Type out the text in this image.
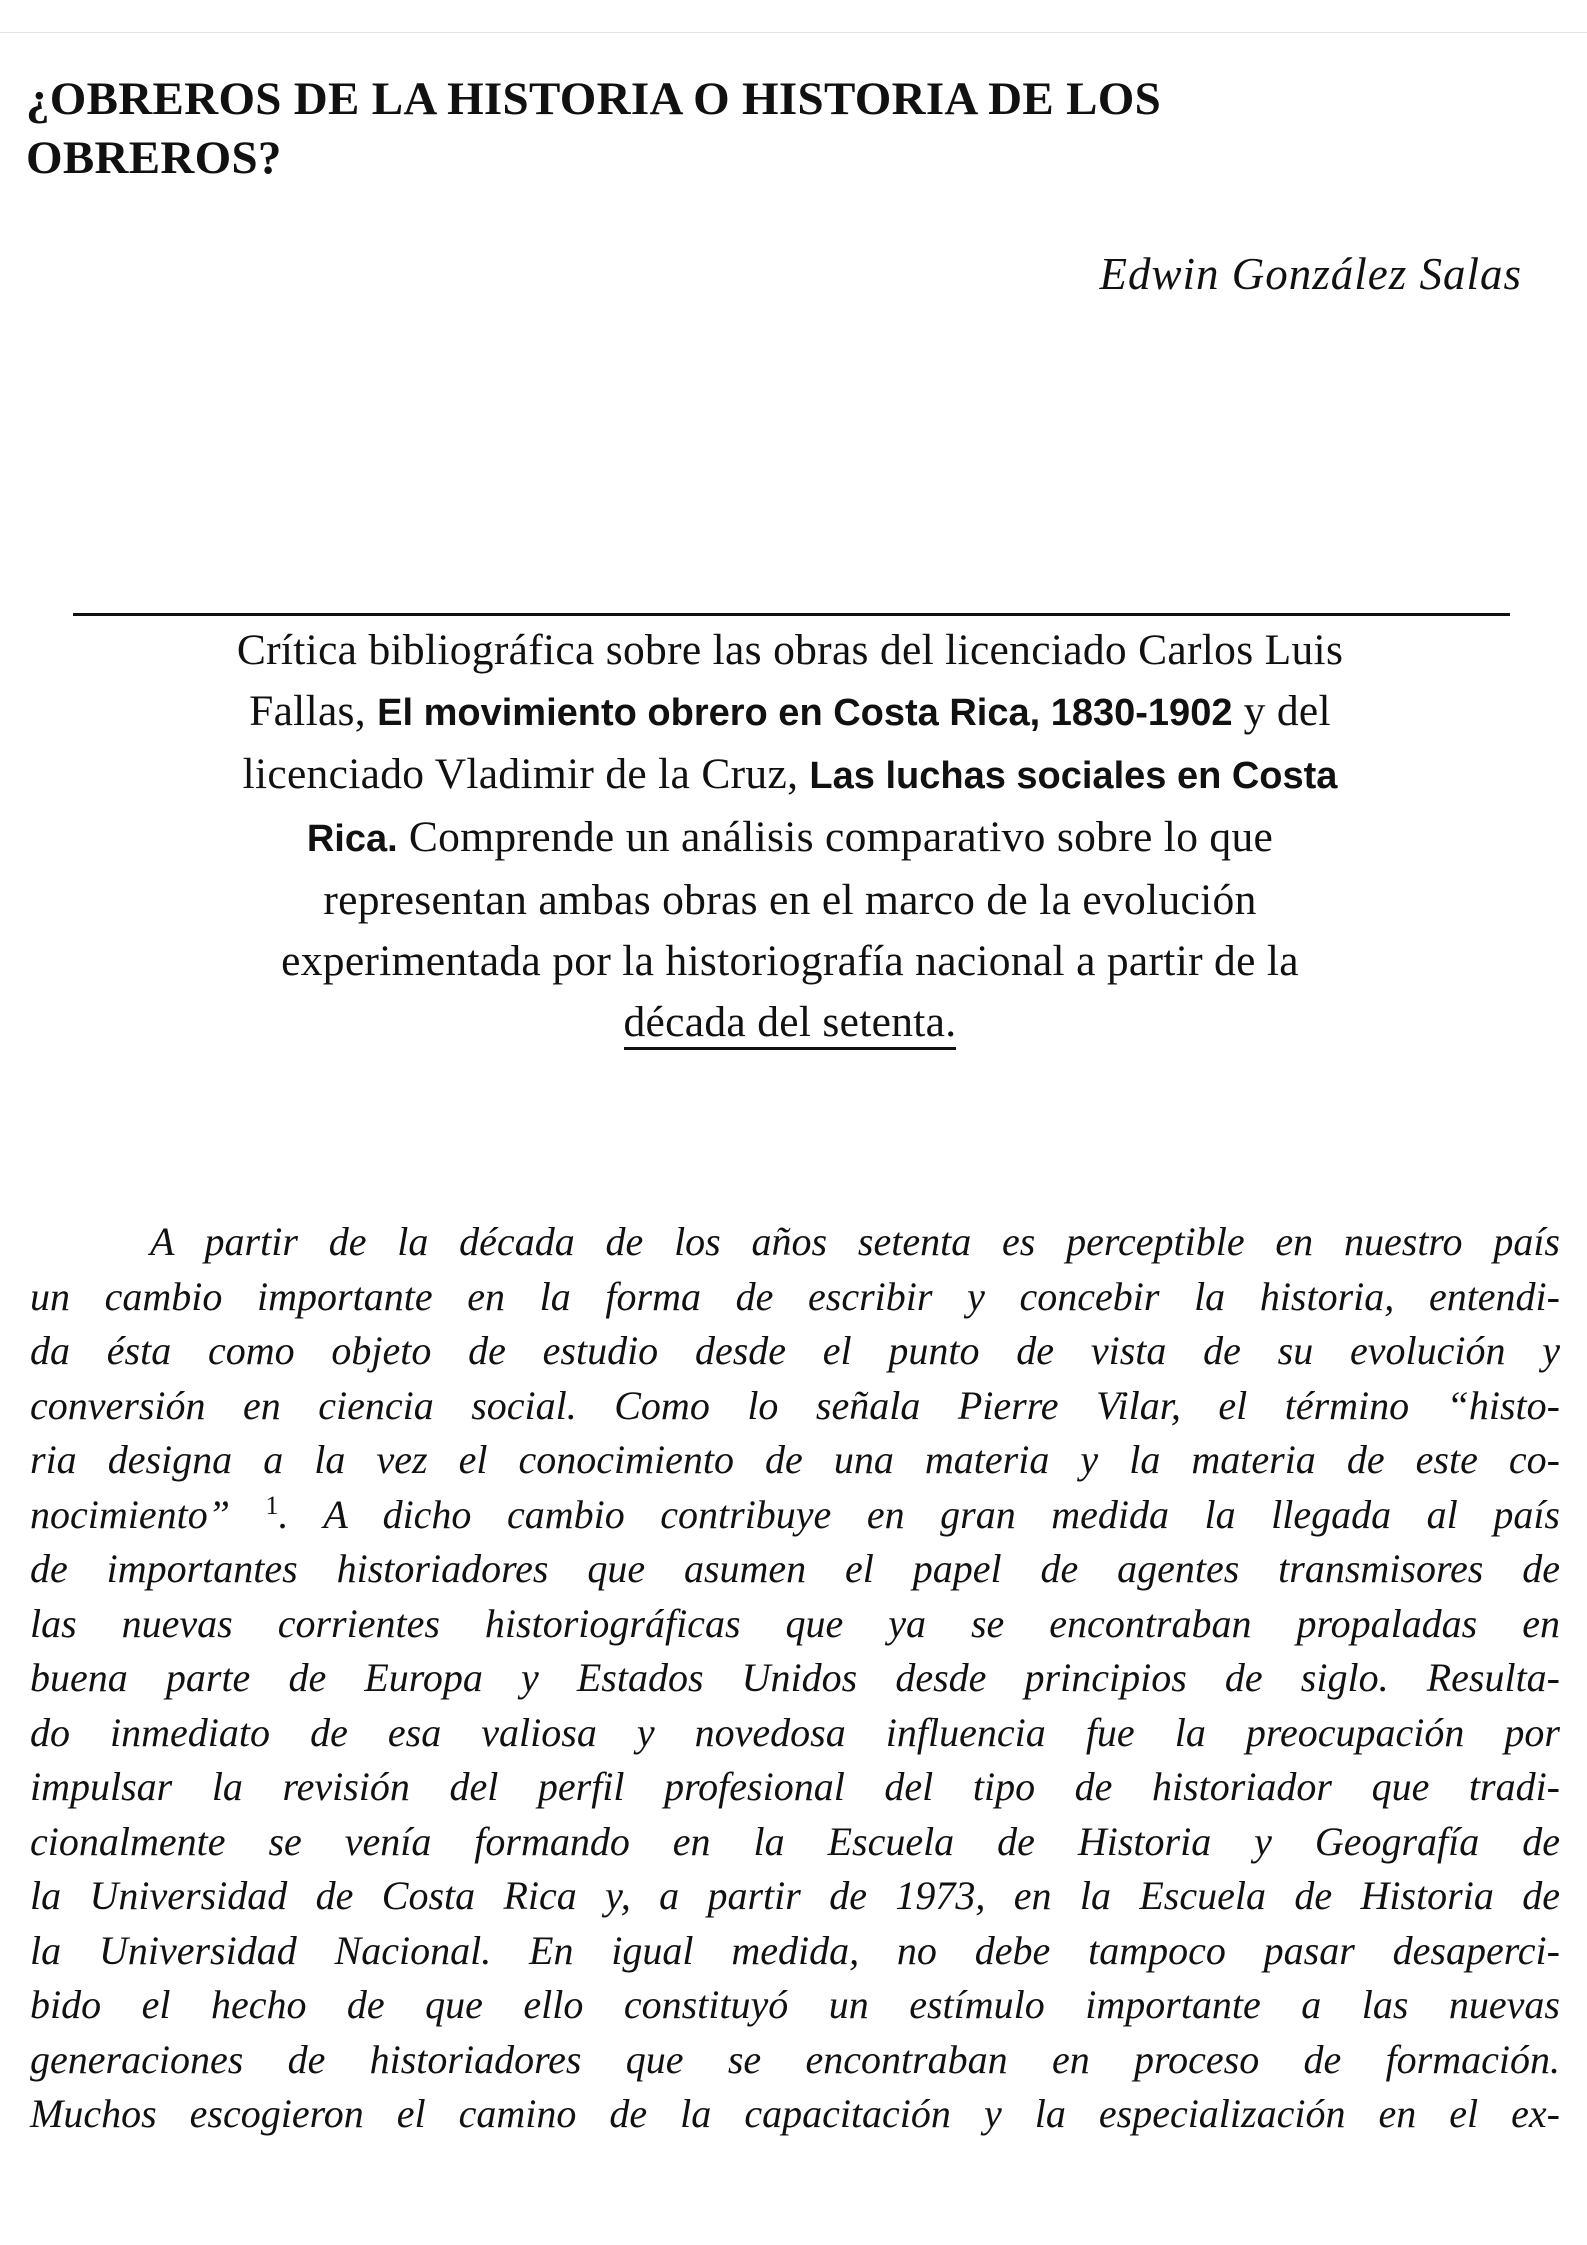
¿OBREROS DE LA HISTORIA O HISTORIA DE LOS
OBREROS?
Edwin González Salas
Crítica bibliográfica sobre las obras del licenciado Carlos Luis
Fallas, El movimiento obrero en Costa Rica, 1830-1902 y del
licenciado Vladimir de la Cruz, Las luchas sociales en Costa
Rica. Comprende un análisis comparativo sobre lo que
representan ambas obras en el marco de la evolución
experimentada por la historiografía nacional a partir de la
década del setenta.
A partir de la década de los años setenta es perceptible en nuestro país
un cambio importante en la forma de escribir y concebir la historia, entendi-
da ésta como objeto de estudio desde el punto de vista de su evolución y
conversión en ciencia social. Como lo señala Pierre Vilar, el término “histo-
ria designa a la vez el conocimiento de una materia y la materia de este co-
nocimiento” $^1$. A dicho cambio contribuye en gran medida la llegada al país
de importantes historiadores que asumen el papel de agentes transmisores de
las nuevas corrientes historiográficas que ya se encontraban propaladas en
buena parte de Europa y Estados Unidos desde principios de siglo. Resulta-
do inmediato de esa valiosa y novedosa influencia fue la preocupación por
impulsar la revisión del perfil profesional del tipo de historiador que tradi-
cionalmente se venía formando en la Escuela de Historia y Geografía de
la Universidad de Costa Rica y, a partir de 1973, en la Escuela de Historia de
la Universidad Nacional. En igual medida, no debe tampoco pasar desaperci-
bido el hecho de que ello constituyó un estímulo importante a las nuevas
generaciones de historiadores que se encontraban en proceso de formación.
Muchos escogieron el camino de la capacitación y la especialización en el ex-
